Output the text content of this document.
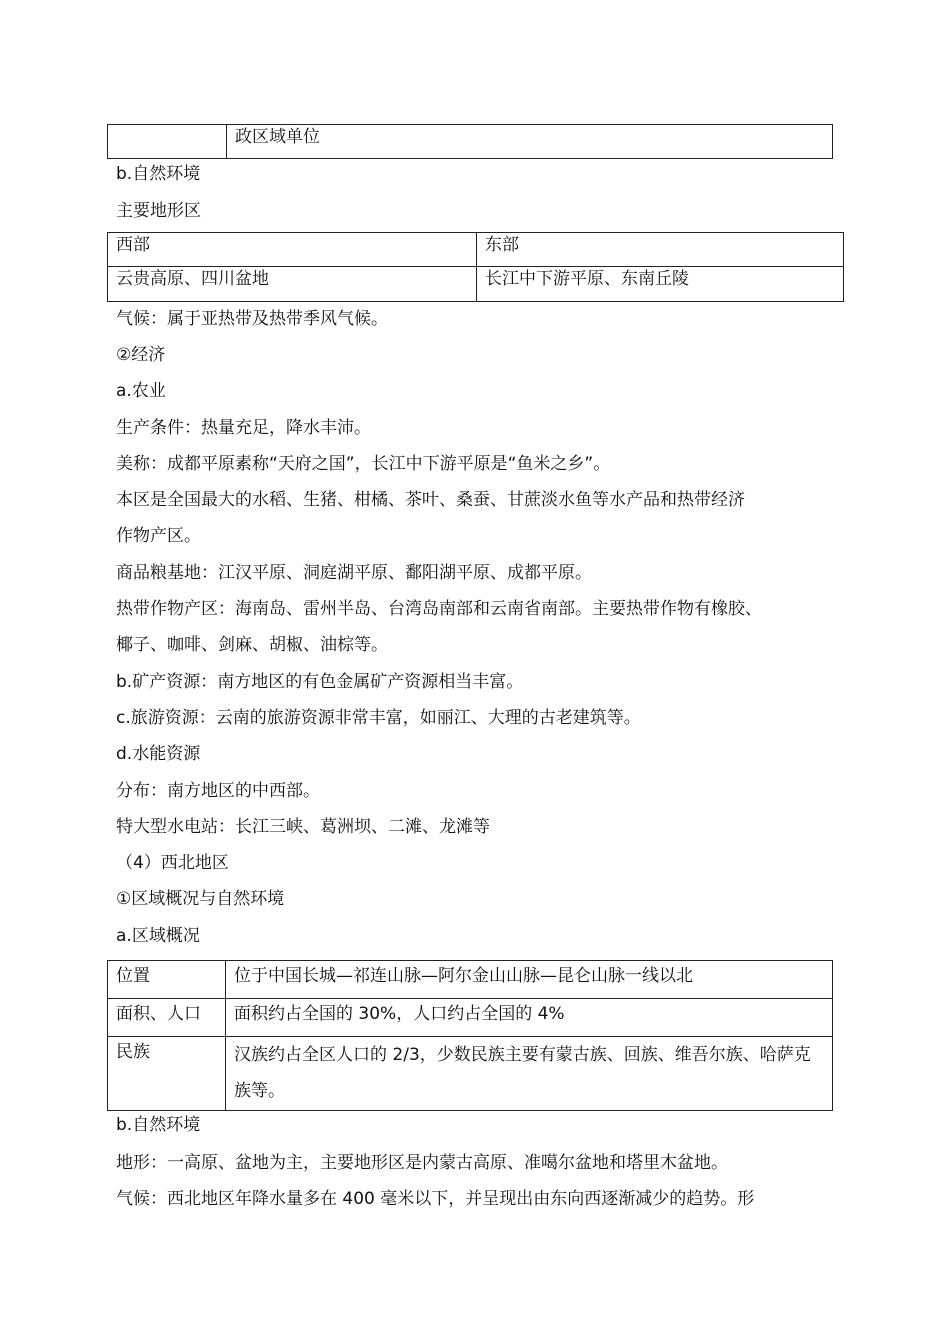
	政区域单位
b.自然环境
主要地形区
西部	东部
云贵高原、四川盆地	长江中下游平原、东南丘陵
气候：属于亚热带及热带季风气候。
②经济
a.农业
生产条件：热量充足，降水丰沛。
美称：成都平原素称“天府之国”，长江中下游平原是“鱼米之乡”。
本区是全国最大的水稻、生猪、柑橘、茶叶、桑蚕、甘蔗淡水鱼等水产品和热带经济
作物产区。
商品粮基地：江汉平原、洞庭湖平原、鄱阳湖平原、成都平原。
热带作物产区：海南岛、雷州半岛、台湾岛南部和云南省南部。主要热带作物有橡胶、
椰子、咖啡、剑麻、胡椒、油棕等。
b.矿产资源：南方地区的有色金属矿产资源相当丰富。
c.旅游资源：云南的旅游资源非常丰富，如丽江、大理的古老建筑等。
d.水能资源
分布：南方地区的中西部。
特大型水电站：长江三峡、葛洲坝、二滩、龙滩等
（4）西北地区
①区域概况与自然环境
a.区域概况
位置	位于中国长城—祁连山脉—阿尔金山山脉—昆仑山脉一线以北
面积、人口	面积约占全国的 30%，人口约占全国的 4%
民族	汉族约占全区人口的 2/3，少数民族主要有蒙古族、回族、维吾尔族、哈萨克族等。
b.自然环境
地形：一高原、盆地为主，主要地形区是内蒙古高原、准噶尔盆地和塔里木盆地。
气候：西北地区年降水量多在 400 毫米以下，并呈现出由东向西逐渐减少的趋势。形
